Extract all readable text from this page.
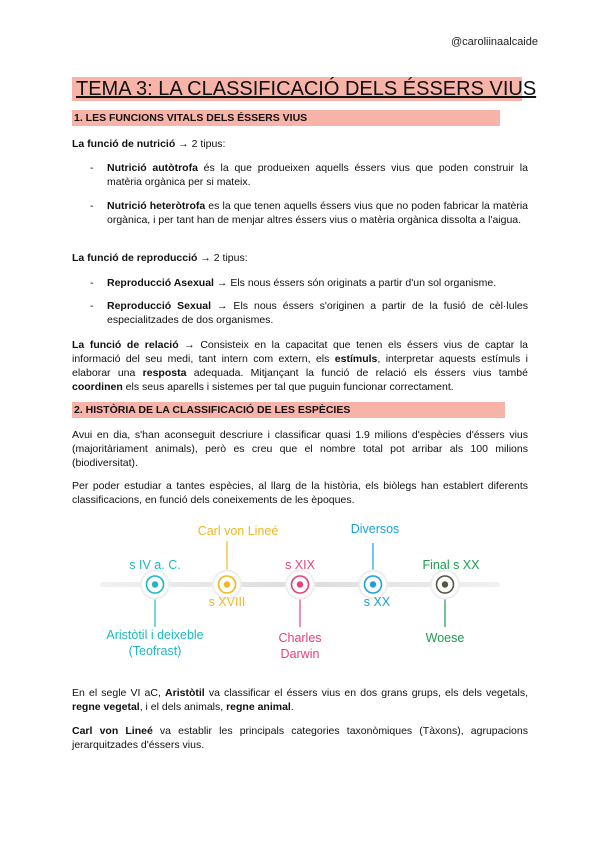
@caroliinaalcaide
TEMA 3: LA CLASSIFICACIÓ DELS ÉSSERS VIUS
1. LES FUNCIONS VITALS DELS ÉSSERS VIUS

La funció de nutrició → 2 tipus:

- Nutrició autòtrofa és la que produeixen aquells éssers vius que poden construir la matèria orgànica per si mateix.
- Nutrició heteròtrofa es la que tenen aquells éssers vius que no poden fabricar la matèria orgànica, i per tant han de menjar altres éssers vius o matèria orgànica dissolta a l'aigua.

La funció de reproducció → 2 tipus:

- Reproducció Asexual → Els nous éssers són originats a partir d'un sol organisme.
- Reproducció Sexual → Els nous éssers s'originen a partir de la fusió de cèl·lules especialitzades de dos organismes.

La funció de relació → Consisteix en la capacitat que tenen els éssers vius de captar la informació del seu medi, tant intern com extern, els estímuls, interpretar aquests estímuls i elaborar una resposta adequada. Mitjançant la funció de relació els éssers vius també coordinen els seus aparells i sistemes per tal que puguin funcionar correctament.

2. HISTÒRIA DE LA CLASSIFICACIÓ DE LES ESPÈCIES

Avui en dia, s'han aconseguit descriure i classificar quasi 1.9 milions d'espècies d'éssers vius (majoritàriament animals), però es creu que el nombre total pot arribar als 100 milions (biodiversitat).

Per poder estudiar a tantes espècies, al llarg de la història, els biòlegs han establert diferents classificacions, en funció dels coneixements de les èpoques.

s IV a. C.
Aristòtil i deixeble
(Teofrast)
Carl von Lineé
s XVIII
s XIX
Charles
Darwin
Diversos
s XX
Final s XX
Woese

En el segle VI aC, Aristòtil va classificar el éssers vius en dos grans grups, els dels vegetals, regne vegetal, i el dels animals, regne animal.

Carl von Lineé va establir les principals categories taxonòmiques (Tàxons), agrupacions jerarquitzades d'éssers vius.
